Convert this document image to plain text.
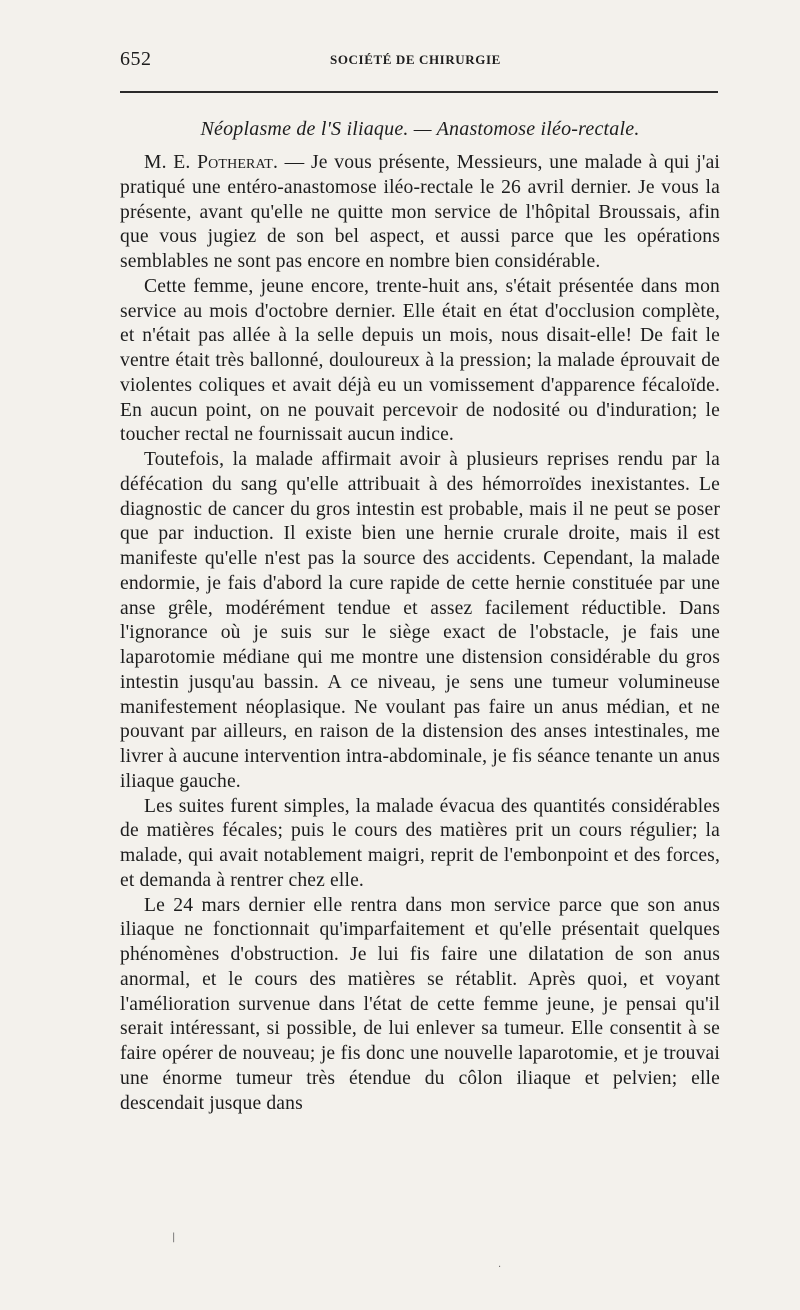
652	SOCIÉTÉ DE CHIRURGIE
Néoplasme de l'S iliaque. — Anastomose iléo-rectale.

M. E. Potherat. — Je vous présente, Messieurs, une malade à qui j'ai pratiqué une entéro-anastomose iléo-rectale le 26 avril dernier. Je vous la présente, avant qu'elle ne quitte mon service de l'hôpital Broussais, afin que vous jugiez de son bel aspect, et aussi parce que les opérations semblables ne sont pas encore en nombre bien considérable.

Cette femme, jeune encore, trente-huit ans, s'était présentée dans mon service au mois d'octobre dernier. Elle était en état d'occlusion complète, et n'était pas allée à la selle depuis un mois, nous disait-elle! De fait le ventre était très ballonné, douloureux à la pression; la malade éprouvait de violentes coliques et avait déjà eu un vomissement d'apparence fécaloïde. En aucun point, on ne pouvait percevoir de nodosité ou d'induration; le toucher rectal ne fournissait aucun indice.

Toutefois, la malade affirmait avoir à plusieurs reprises rendu par la défécation du sang qu'elle attribuait à des hémorroïdes inexistantes. Le diagnostic de cancer du gros intestin est probable, mais il ne peut se poser que par induction. Il existe bien une hernie crurale droite, mais il est manifeste qu'elle n'est pas la source des accidents. Cependant, la malade endormie, je fais d'abord la cure rapide de cette hernie constituée par une anse grêle, modérément tendue et assez facilement réductible. Dans l'ignorance où je suis sur le siège exact de l'obstacle, je fais une laparotomie médiane qui me montre une distension considérable du gros intestin jusqu'au bassin. A ce niveau, je sens une tumeur volumineuse manifestement néoplasique. Ne voulant pas faire un anus médian, et ne pouvant par ailleurs, en raison de la distension des anses intestinales, me livrer à aucune intervention intra-abdominale, je fis séance tenante un anus iliaque gauche.

Les suites furent simples, la malade évacua des quantités considérables de matières fécales; puis le cours des matières prit un cours régulier; la malade, qui avait notablement maigri, reprit de l'embonpoint et des forces, et demanda à rentrer chez elle.

Le 24 mars dernier elle rentra dans mon service parce que son anus iliaque ne fonctionnait qu'imparfaitement et qu'elle présentait quelques phénomènes d'obstruction. Je lui fis faire une dilatation de son anus anormal, et le cours des matières se rétablit. Après quoi, et voyant l'amélioration survenue dans l'état de cette femme jeune, je pensai qu'il serait intéressant, si possible, de lui enlever sa tumeur. Elle consentit à se faire opérer de nouveau; je fis donc une nouvelle laparotomie, et je trouvai une énorme tumeur très étendue du côlon iliaque et pelvien; elle descendait jusque dans

|
·
